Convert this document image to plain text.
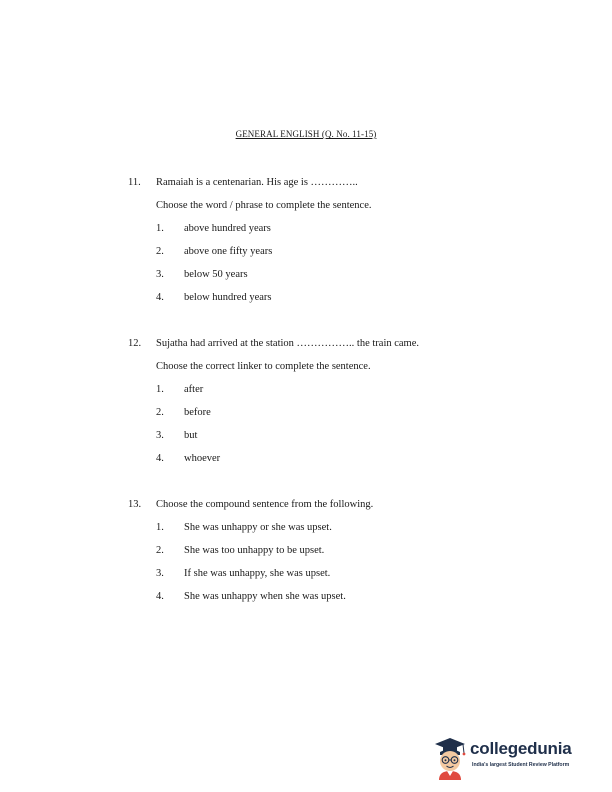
GENERAL ENGLISH (Q. No. 11-15)
11. Ramaiah is a centenarian. His age is …………..
Choose the word / phrase to complete the sentence.
1. above hundred years
2. above one fifty years
3. below 50 years
4. below hundred years
12. Sujatha had arrived at the station …………….. the train came.
Choose the correct linker to complete the sentence.
1. after
2. before
3. but
4. whoever
13. Choose the compound sentence from the following.
1. She was unhappy or she was upset.
2. She was too unhappy to be upset.
3. If she was unhappy, she was upset.
4. She was unhappy when she was upset.
collegedunia
India's largest Student Review Platform
